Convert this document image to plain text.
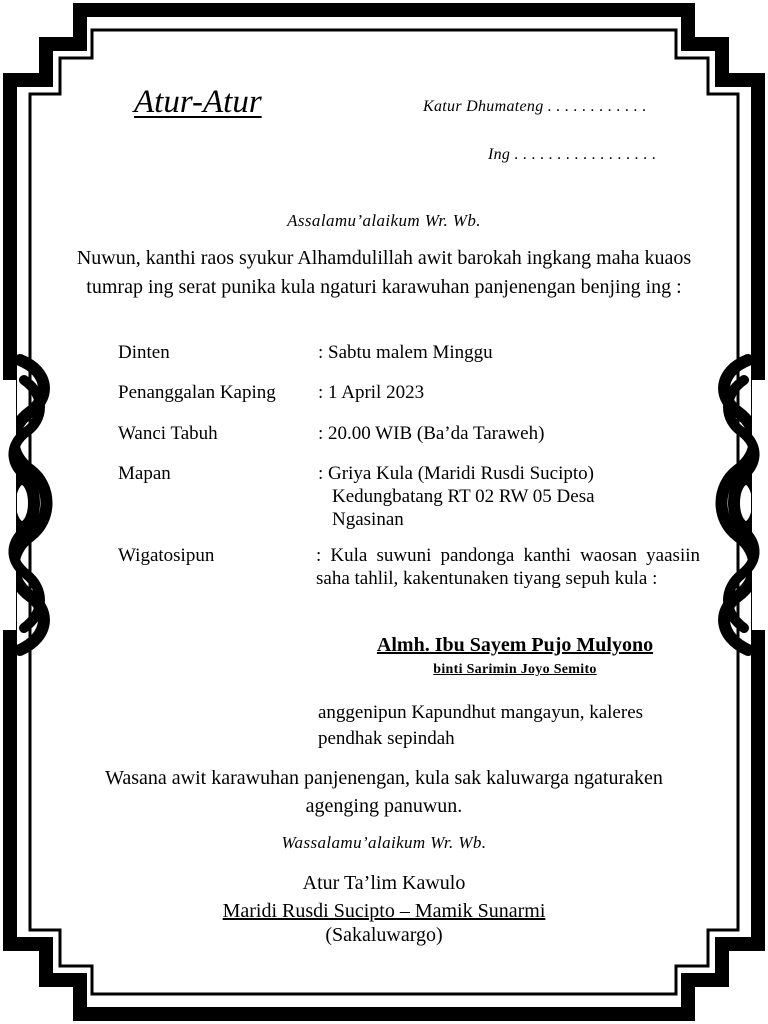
Atur-Atur	Katur Dhumateng . . . . . . . . . . . .
Ing . . . . . . . . . . . . . . . . .
Assalamu’alaikum Wr. Wb.
Nuwun, kanthi raos syukur Alhamdulillah awit barokah ingkang maha kuaos tumrap ing serat punika kula ngaturi karawuhan panjenengan benjing ing :
Dinten	: Sabtu malem Minggu
Penanggalan Kaping : 1 April 2023
Wanci Tabuh	: 20.00 WIB (Ba’da Taraweh)
Mapan	: Griya Kula (Maridi Rusdi Sucipto)
Kedungbatang RT 02 RW 05 Desa Ngasinan
Wigatosipun	: Kula suwuni pandonga kanthi waosan yaasiin saha tahlil, kakentunaken tiyang sepuh kula :
Almh. Ibu Sayem Pujo Mulyono
binti Sarimin Joyo Semito
anggenipun Kapundhut mangayun, kaleres pendhak sepindah
Wasana awit karawuhan panjenengan, kula sak kaluwarga ngaturaken agenging panuwun.
Wassalamu’alaikum Wr. Wb.
Atur Ta’lim Kawulo
Maridi Rusdi Sucipto – Mamik Sunarmi
(Sakaluwargo)
